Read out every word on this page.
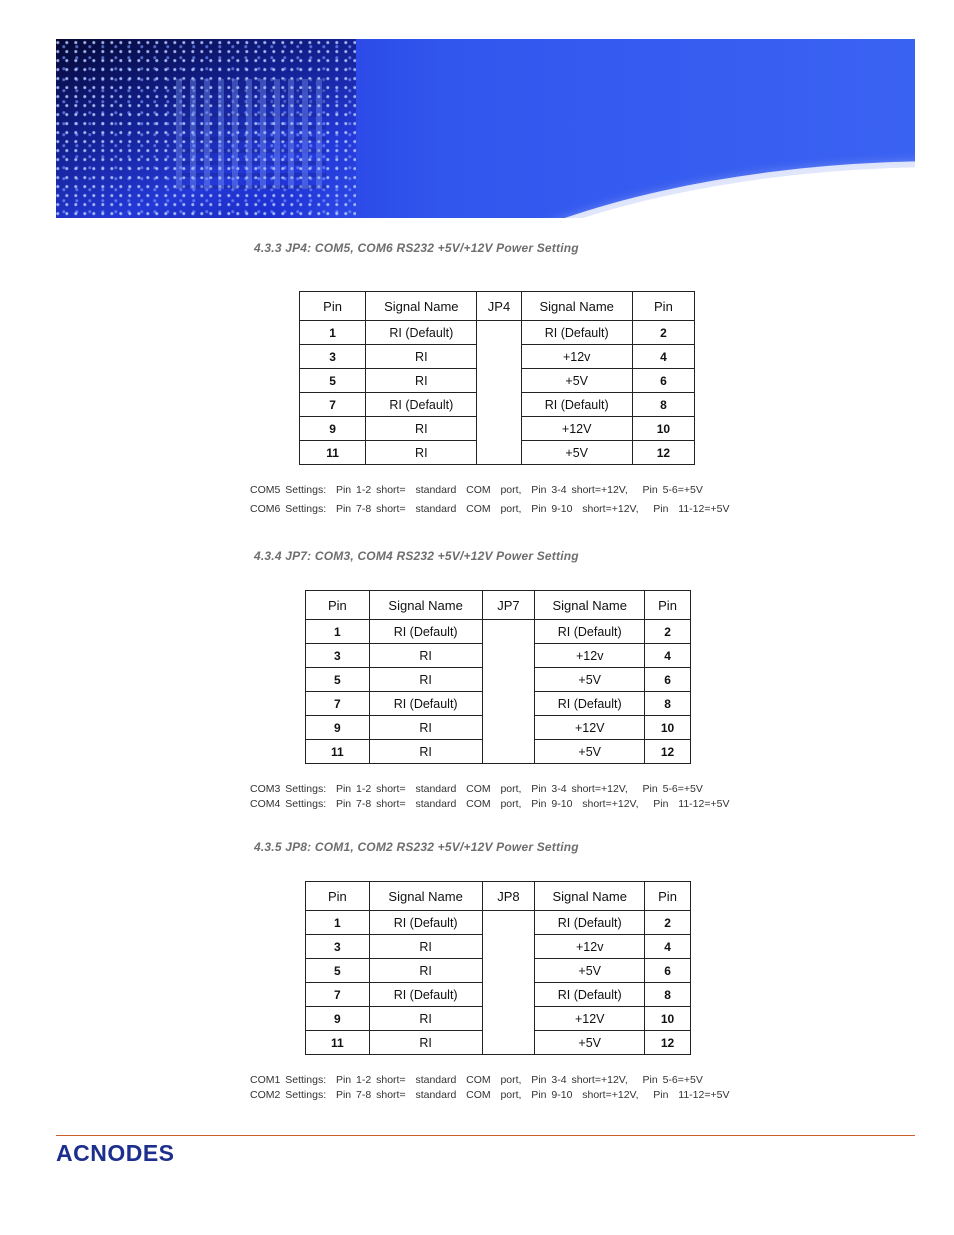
4.3.3 JP4: COM5, COM6 RS232 +5V/+12V Power Setting
Pin	Signal Name	JP4	Signal Name	Pin
1	RI (Default)		RI (Default)	2
3	RI		+12v	4
5	RI		+5V	6
7	RI (Default)		RI (Default)	8
9	RI		+12V	10
11	RI		+5V	12
COM5 Settings:  Pin 1-2 short=  standard  COM  port,  Pin 3-4 short=+12V,   Pin 5-6=+5V
COM6 Settings:  Pin 7-8 short=  standard  COM  port,  Pin 9-10  short=+12V,   Pin  11-12=+5V
4.3.4 JP7: COM3, COM4 RS232 +5V/+12V Power Setting
Pin	Signal Name	JP7	Signal Name	Pin
1	RI (Default)		RI (Default)	2
3	RI		+12v	4
5	RI		+5V	6
7	RI (Default)		RI (Default)	8
9	RI		+12V	10
11	RI		+5V	12
COM3 Settings:  Pin 1-2 short=  standard  COM  port,  Pin 3-4 short=+12V,   Pin 5-6=+5V
COM4 Settings:  Pin 7-8 short=  standard  COM  port,  Pin 9-10  short=+12V,   Pin  11-12=+5V
4.3.5 JP8: COM1, COM2 RS232 +5V/+12V Power Setting
Pin	Signal Name	JP8	Signal Name	Pin
1	RI (Default)		RI (Default)	2
3	RI		+12v	4
5	RI		+5V	6
7	RI (Default)		RI (Default)	8
9	RI		+12V	10
11	RI		+5V	12
COM1 Settings:  Pin 1-2 short=  standard  COM  port,  Pin 3-4 short=+12V,   Pin 5-6=+5V
COM2 Settings:  Pin 7-8 short=  standard  COM  port,  Pin 9-10  short=+12V,   Pin  11-12=+5V
ACNODES
